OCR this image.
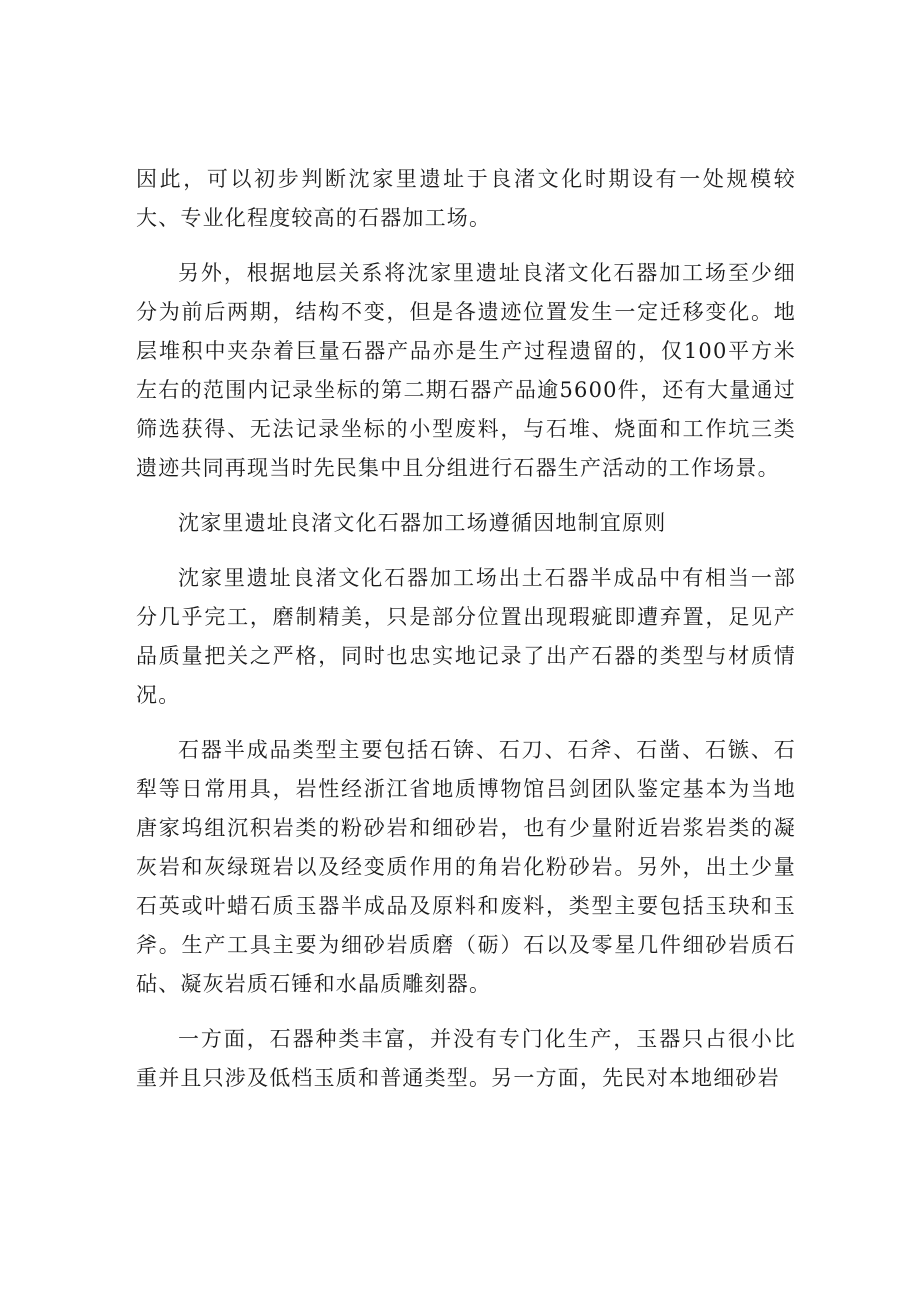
因此，可以初步判断沈家里遗址于良渚文化时期设有一处规模较大、专业化程度较高的石器加工场。

另外，根据地层关系将沈家里遗址良渚文化石器加工场至少细分为前后两期，结构不变，但是各遗迹位置发生一定迁移变化。地层堆积中夹杂着巨量石器产品亦是生产过程遗留的，仅100平方米左右的范围内记录坐标的第二期石器产品逾5600件，还有大量通过筛选获得、无法记录坐标的小型废料，与石堆、烧面和工作坑三类遗迹共同再现当时先民集中且分组进行石器生产活动的工作场景。

沈家里遗址良渚文化石器加工场遵循因地制宜原则

沈家里遗址良渚文化石器加工场出土石器半成品中有相当一部分几乎完工，磨制精美，只是部分位置出现瑕疵即遭弃置，足见产品质量把关之严格，同时也忠实地记录了出产石器的类型与材质情况。

石器半成品类型主要包括石锛、石刀、石斧、石凿、石镞、石犁等日常用具，岩性经浙江省地质博物馆吕剑团队鉴定基本为当地唐家坞组沉积岩类的粉砂岩和细砂岩，也有少量附近岩浆岩类的凝灰岩和灰绿斑岩以及经变质作用的角岩化粉砂岩。另外，出土少量石英或叶蜡石质玉器半成品及原料和废料，类型主要包括玉玦和玉斧。生产工具主要为细砂岩质磨（砺）石以及零星几件细砂岩质石砧、凝灰岩质石锤和水晶质雕刻器。

一方面，石器种类丰富，并没有专门化生产，玉器只占很小比重并且只涉及低档玉质和普通类型。另一方面，先民对本地细砂岩
